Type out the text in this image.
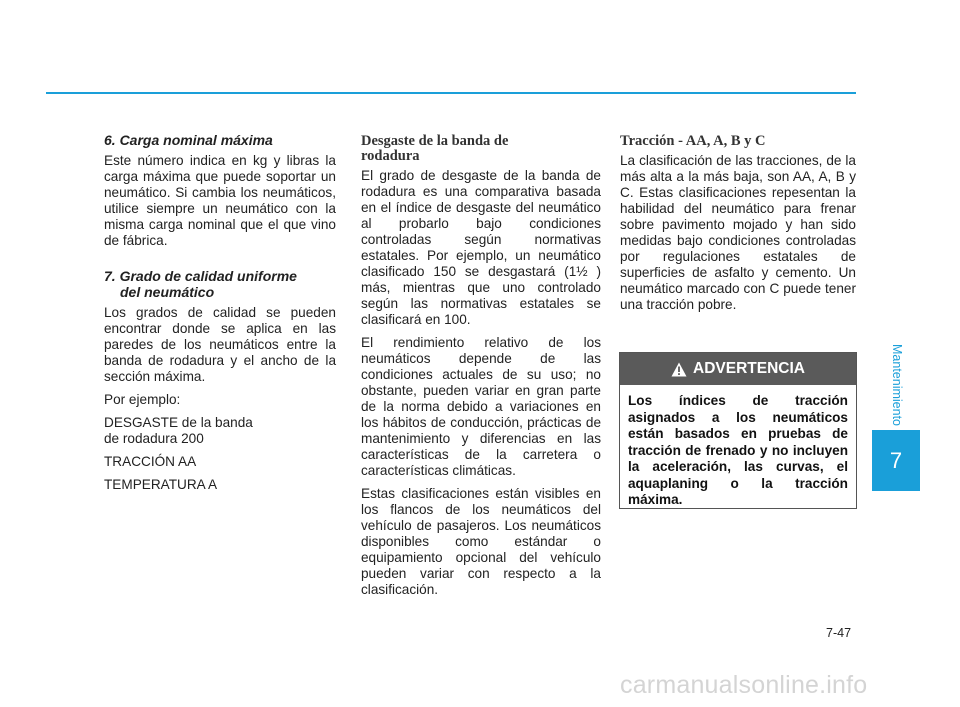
6. Carga nominal máxima

Este número indica en kg y libras la carga máxima que puede soportar un neumático. Si cambia los neumáticos, utilice siempre un neumático con la misma carga nominal que el que vino de fábrica.

7. Grado de calidad uniforme
del neumático

Los grados de calidad se pueden encontrar donde se aplica en las paredes de los neumáticos entre la banda de rodadura y el ancho de la sección máxima.

Por ejemplo:

DESGASTE de la banda
de rodadura 200

TRACCIÓN AA

TEMPERATURA A

Desgaste de la banda de
rodadura

El grado de desgaste de la banda de rodadura es una comparativa basada en el índice de desgaste del neumático al probarlo bajo condiciones controladas según normativas estatales. Por ejemplo, un neumático clasificado 150 se desgastará (1½ ) más, mientras que uno controlado según las normativas estatales se clasificará en 100.

El rendimiento relativo de los neumáticos depende de las condiciones actuales de su uso; no obstante, pueden variar en gran parte de la norma debido a variaciones en los hábitos de conducción, prácticas de mantenimiento y diferencias en las características de la carretera o características climáticas.

Estas clasificaciones están visibles en los flancos de los neumáticos del vehículo de pasajeros. Los neumáticos disponibles como estándar o equipamiento opcional del vehículo pueden variar con respecto a la clasificación.

Tracción - AA, A, B y C

La clasificación de las tracciones, de la más alta a la más baja, son AA, A, B y C. Estas clasificaciones repesentan la habilidad del neumático para frenar sobre pavimento mojado y han sido medidas bajo condiciones controladas por regulaciones estatales de superficies de asfalto y cemento. Un neumático marcado con C puede tener una tracción pobre.

ADVERTENCIA
Los índices de tracción asignados a los neumáticos están basados en pruebas de tracción de frenado y no incluyen la aceleración, las curvas, el aquaplaning o la tracción máxima.
Mantenimiento
7
7-47
carmanualsonline.info
